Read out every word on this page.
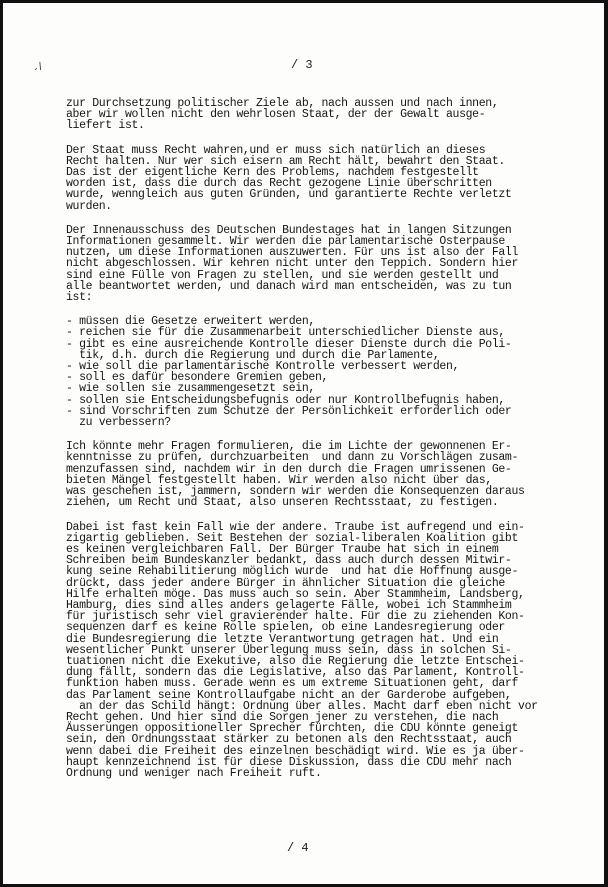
-/	/ 3
zur Durchsetzung politischer Ziele ab, nach aussen und nach innen,
aber wir wollen nicht den wehrlosen Staat, der der Gewalt ausge-
liefert ist.
Der Staat muss Recht wahren,und er muss sich natürlich an dieses
Recht halten. Nur wer sich eisern am Recht hält, bewahrt den Staat.
Das ist der eigentliche Kern des Problems, nachdem festgestellt
worden ist, dass die durch das Recht gezogene Linie überschritten
wurde, wenngleich aus guten Gründen, und garantierte Rechte verletzt
wurden.
Der Innenausschuss des Deutschen Bundestages hat in langen Sitzungen
Informationen gesammelt. Wir werden die parlamentarische Osterpause
nutzen, um diese Informationen auszuwerten. Für uns ist also der Fall
nicht abgeschlossen. Wir kehren nicht unter den Teppich. Sondern hier
sind eine Fülle von Fragen zu stellen, und sie werden gestellt und
alle beantwortet werden, und danach wird man entscheiden, was zu tun
ist:
- müssen die Gesetze erweitert werden,
- reichen sie für die Zusammenarbeit unterschiedlicher Dienste aus,
- gibt es eine ausreichende Kontrolle dieser Dienste durch die Poli-
tik, d.h. durch die Regierung und durch die Parlamente,
- wie soll die parlamentarische Kontrolle verbessert werden,
- soll es dafür besondere Gremien geben,
- wie sollen sie zusammengesetzt sein,
- sollen sie Entscheidungsbefugnis oder nur Kontrollbefugnis haben,
- sind Vorschriften zum Schutze der Persönlichkeit erforderlich oder
zu verbessern?
Ich könnte mehr Fragen formulieren, die im Lichte der gewonnenen Er-
kenntnisse zu prüfen, durchzuarbeiten  und dann zu Vorschlägen zusam-
menzufassen sind, nachdem wir in den durch die Fragen umrissenen Ge-
bieten Mängel festgestellt haben. Wir werden also nicht über das,
was geschehen ist, jammern, sondern wir werden die Konsequenzen daraus
ziehen, um Recht und Staat, also unseren Rechtsstaat, zu festigen.
Dabei ist fast kein Fall wie der andere. Traube ist aufregend und ein-
zigartig geblieben. Seit Bestehen der sozial-liberalen Koalition gibt
es keinen vergleichbaren Fall. Der Bürger Traube hat sich in einem
Schreiben beim Bundeskanzler bedankt, dass auch durch dessen Mitwir-
kung seine Rehabilitierung möglich wurde  und hat die Hoffnung ausge-
drückt, dass jeder andere Bürger in ähnlicher Situation die gleiche
Hilfe erhalten möge. Das muss auch so sein. Aber Stammheim, Landsberg,
Hamburg, dies sind alles anders gelagerte Fälle, wobei ich Stammheim
für juristisch sehr viel gravierender halte. Für die zu ziehenden Kon-
sequenzen darf es keine Rolle spielen, ob eine Landesregierung oder
die Bundesregierung die letzte Verantwortung getragen hat. Und ein
wesentlicher Punkt unserer Überlegung muss sein, dass in solchen Si-
tuationen nicht die Exekutive, also die Regierung die letzte Entschei-
dung fällt, sondern das die Legislative, also das Parlament, Kontroll-
funktion haben muss. Gerade wenn es um extreme Situationen geht, darf
das Parlament seine Kontrollaufgabe nicht an der Garderobe aufgeben,
an der das Schild hängt: Ordnung über alles. Macht darf eben nicht vor
Recht gehen. Und hier sind die Sorgen jener zu verstehen, die nach
Äusserungen oppositioneller Sprecher fürchten, die CDU könnte geneigt
sein, den Ordnungsstaat stärker zu betonen als den Rechtsstaat, auch
wenn dabei die Freiheit des einzelnen beschädigt wird. Wie es ja über-
haupt kennzeichnend ist für diese Diskussion, dass die CDU mehr nach
Ordnung und weniger nach Freiheit ruft.
/ 4
